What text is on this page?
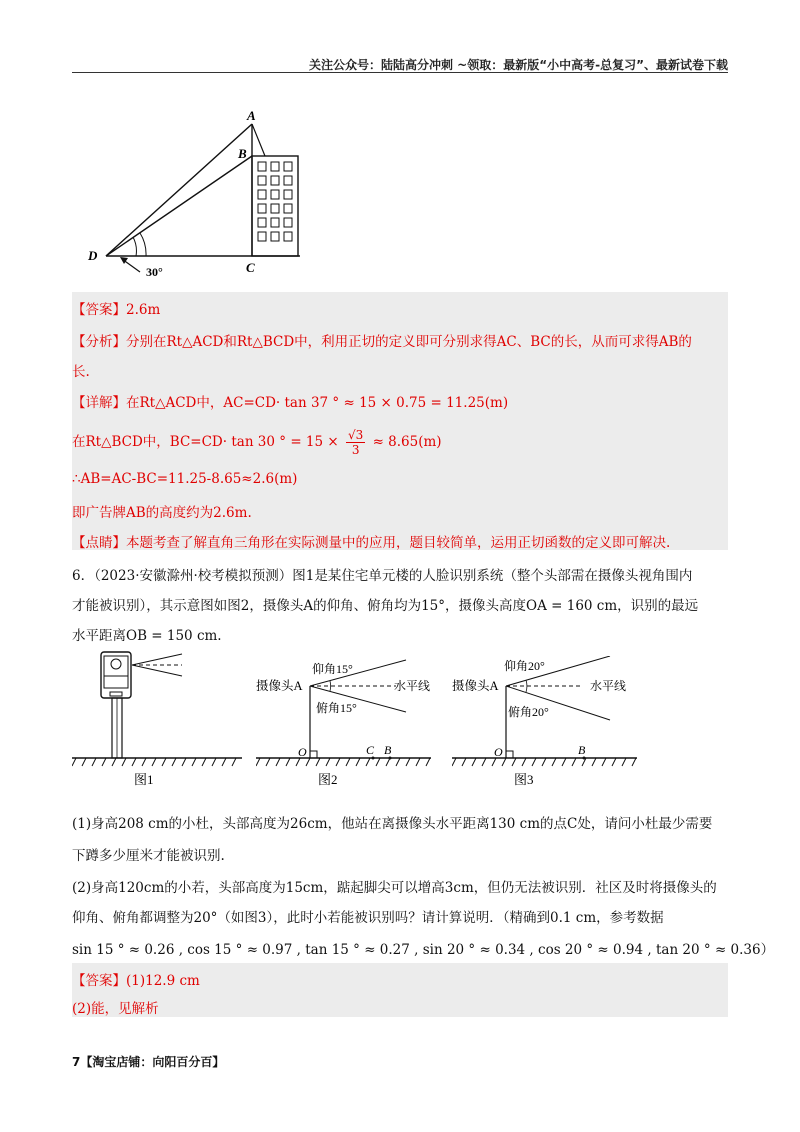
关注公众号：陆陆高分冲刺 ~领取：最新版“小中高考-总复习”、最新试卷下载
A
B
C
D
30°
【答案】2.6m
【分析】分别在Rt△ACD和Rt△BCD中，利用正切的定义即可分别求得AC、BC的长，从而可求得AB的
长.
【详解】在Rt△ACD中，AC=CD· tan 37 ° ≈ 15 × 0.75 = 11.25(m)
在Rt△BCD中，BC=CD· tan 30 ° = $15 \times \frac{√3}{3} \approx 8.65(m)$
∴AB=AC-BC=11.25-8.65≈2.6(m)
即广告牌AB的高度约为2.6m.
【点睛】本题考查了解直角三角形在实际测量中的应用，题目较简单，运用正切函数的定义即可解决.
6．（2023·安徽滁州·校考模拟预测）图1是某住宅单元楼的人脸识别系统（整个头部需在摄像头视角围内
才能被识别），其示意图如图2，摄像头A的仰角、俯角均为15°，摄像头高度OA = 160 cm，识别的最远
水平距离OB = 150 cm.
图1
摄像头A
仰角15°
俯角15°
水平线
O	C B
图2
摄像头A
仰角20°
俯角20°
水平线
O	B
图3
(1)身高208 cm的小杜，头部高度为26cm，他站在离摄像头水平距离130 cm的点C处，请问小杜最少需要
下蹲多少厘米才能被识别.
(2)身高120cm的小若，头部高度为15cm，踮起脚尖可以增高3cm，但仍无法被识别．社区及时将摄像头的
仰角、俯角都调整为20°（如图3），此时小若能被识别吗？请计算说明．（精确到0.1 cm，参考数据
sin 15 ° ≈ 0.26 , cos 15 ° ≈ 0.97 , tan 15 ° ≈ 0.27 , sin 20 ° ≈ 0.34 , cos 20 ° ≈ 0.94 , tan 20 ° ≈ 0.36）
【答案】(1)12.9 cm
(2)能，见解析
7【淘宝店铺：向阳百分百】
